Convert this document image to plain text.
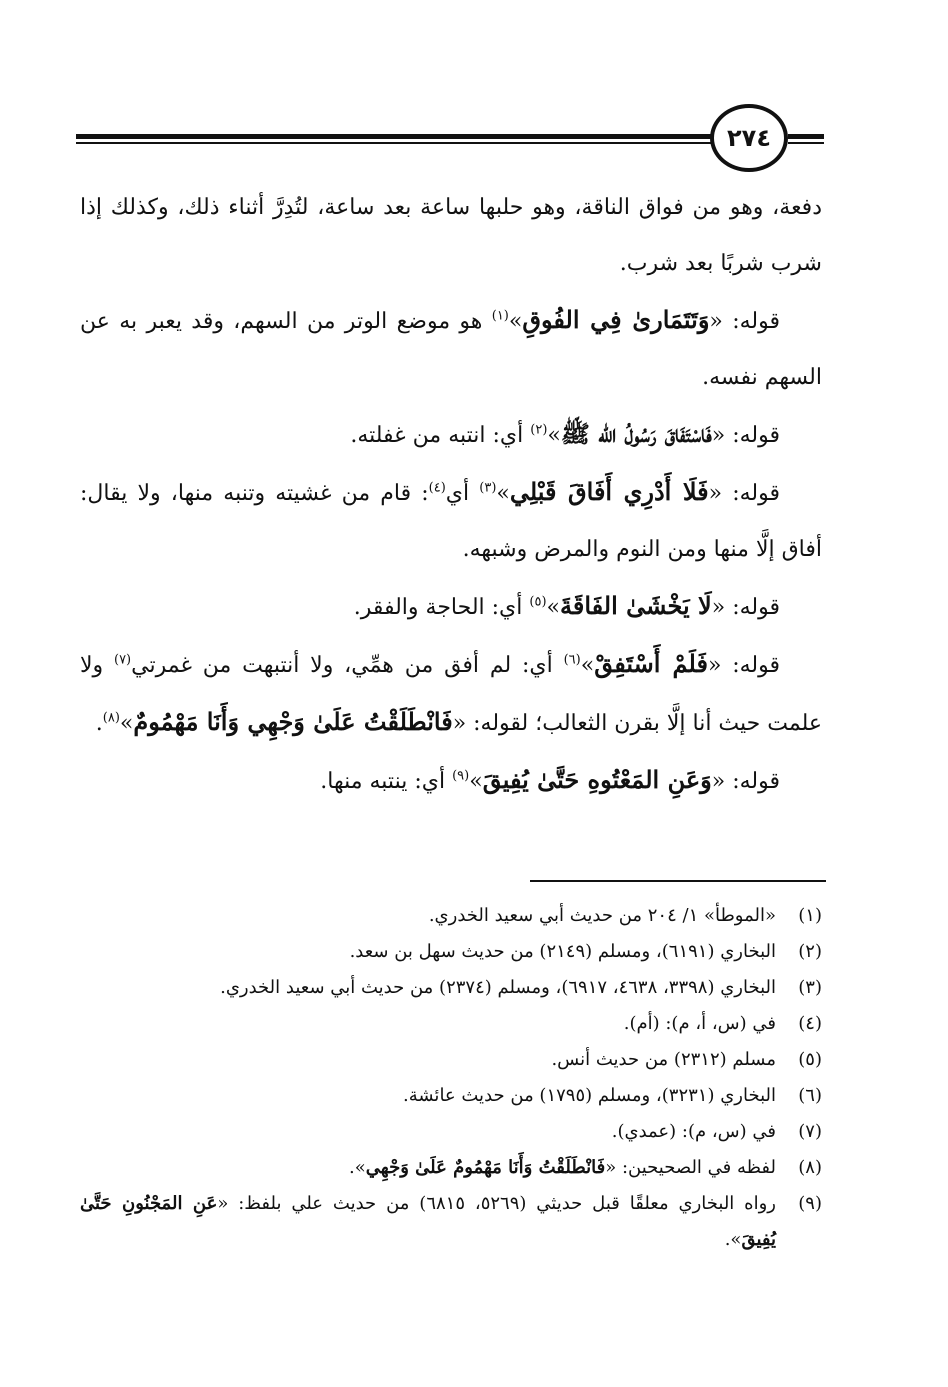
٢٧٤

دفعة، وهو من فواق الناقة، وهو حلبها ساعة بعد ساعة، لتُدِرَّ أثناء ذلك، وكذلك إذا شرب شربًا بعد شرب.

قوله: «وَتَتَمَارىٰ فِي الفُوقِ»$^{(١)}$ هو موضع الوتر من السهم، وقد يعبر به عن السهم نفسه.

قوله: «فَاسْتَفَاقَ رَسُولُ الله ﷺ»$^{(٢)}$ أي: انتبه من غفلته.

قوله: «فَلَا أَدْرِي أَفَاقَ قَبْلِي»$^{(٣)}$ أي$^{(٤)}$: قام من غشيته وتنبه منها، ولا يقال: أفاق إلَّا منها ومن النوم والمرض وشبهه.

قوله: «لَا يَخْشَىٰ الفَاقَةَ»$^{(٥)}$ أي: الحاجة والفقر.

قوله: «فَلَمْ أَسْتَفِقْ»$^{(٦)}$ أي: لم أفق من همِّي، ولا أنتبهت من غمرتي$^{(٧)}$ ولا علمت حيث أنا إلَّا بقرن الثعالب؛ لقوله: «فَانْطَلَقْتُ عَلَىٰ وَجْهِي وَأَنَا مَهْمُومٌ»$^{(٨)}$.

قوله: «وَعَنِ المَعْتُوهِ حَتَّىٰ يُفِيقَ»$^{(٩)}$ أي: ينتبه منها.

(١)
«الموطأ» ١/ ٢٠٤ من حديث أبي سعيد الخدري.
(٢)
البخاري (٦١٩١)، ومسلم (٢١٤٩) من حديث سهل بن سعد.
(٣)
البخاري (٣٣٩٨، ٤٦٣٨، ٦٩١٧)، ومسلم (٢٣٧٤) من حديث أبي سعيد الخدري.
(٤)
في (س، أ، م): (أم).
(٥)
مسلم (٢٣١٢) من حديث أنس.
(٦)
البخاري (٣٢٣١)، ومسلم (١٧٩٥) من حديث عائشة.
(٧)
في (س، م): (عمدي).
(٨)
لفظه في الصحيحين: «فَانْطَلَقْتُ وَأَنَا مَهْمُومٌ عَلَىٰ وَجْهِي».
(٩)
رواه البخاري معلقًا قبل حديثي (٥٢٦٩، ٦٨١٥) من حديث علي بلفظ: «عَنِ المَجْنُونِ حَتَّىٰ يُفِيقَ».
